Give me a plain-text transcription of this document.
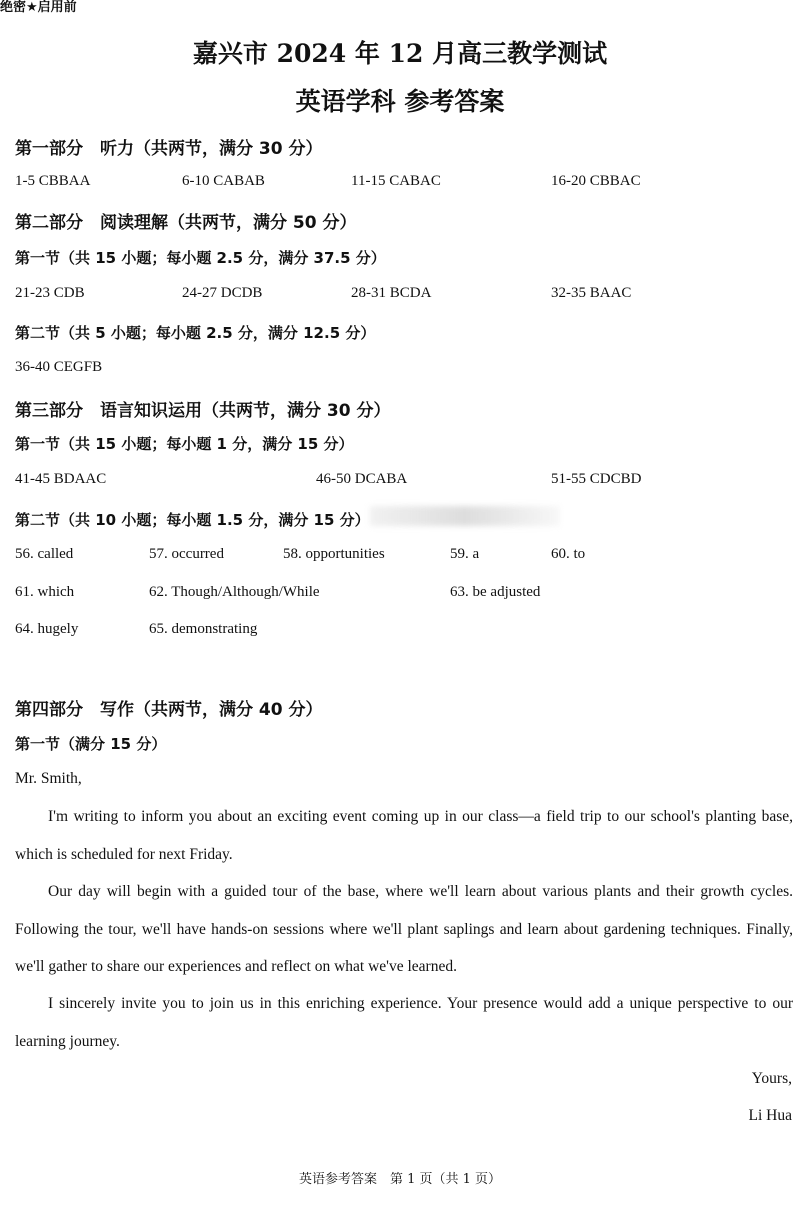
绝密★启用前
嘉兴市 2024 年 12 月高三教学测试
英语学科 参考答案
第一部分　听力（共两节，满分 30 分）
1-5 CBBAA	6-10 CABAB	11-15 CABAC	16-20 CBBAC
第二部分　阅读理解（共两节，满分 50 分）
第一节（共 15 小题；每小题 2.5 分，满分 37.5 分）
21-23 CDB	24-27 DCDB	28-31 BCDA	32-35 BAAC
第二节（共 5 小题；每小题 2.5 分，满分 12.5 分）
36-40 CEGFB
第三部分　语言知识运用（共两节，满分 30 分）
第一节（共 15 小题；每小题 1 分，满分 15 分）
41-45 BDAAC	46-50 DCABA	51-55 CDCBD
第二节（共 10 小题；每小题 1.5 分，满分 15 分）
56. called	57. occurred	58. opportunities	59. a	60. to
61. which	62. Though/Although/While	63. be adjusted
64. hugely	65. demonstrating
第四部分　写作（共两节，满分 40 分）
第一节（满分 15 分）
Mr. Smith,
I'm writing to inform you about an exciting event coming up in our class—a field trip to our school's planting base, which is scheduled for next Friday.
Our day will begin with a guided tour of the base, where we'll learn about various plants and their growth cycles. Following the tour, we'll have hands-on sessions where we'll plant saplings and learn about gardening techniques. Finally, we'll gather to share our experiences and reflect on what we've learned.
I sincerely invite you to join us in this enriching experience. Your presence would add a unique perspective to our learning journey.
Yours,
Li Hua
英语参考答案　第 1 页（共 1 页）
